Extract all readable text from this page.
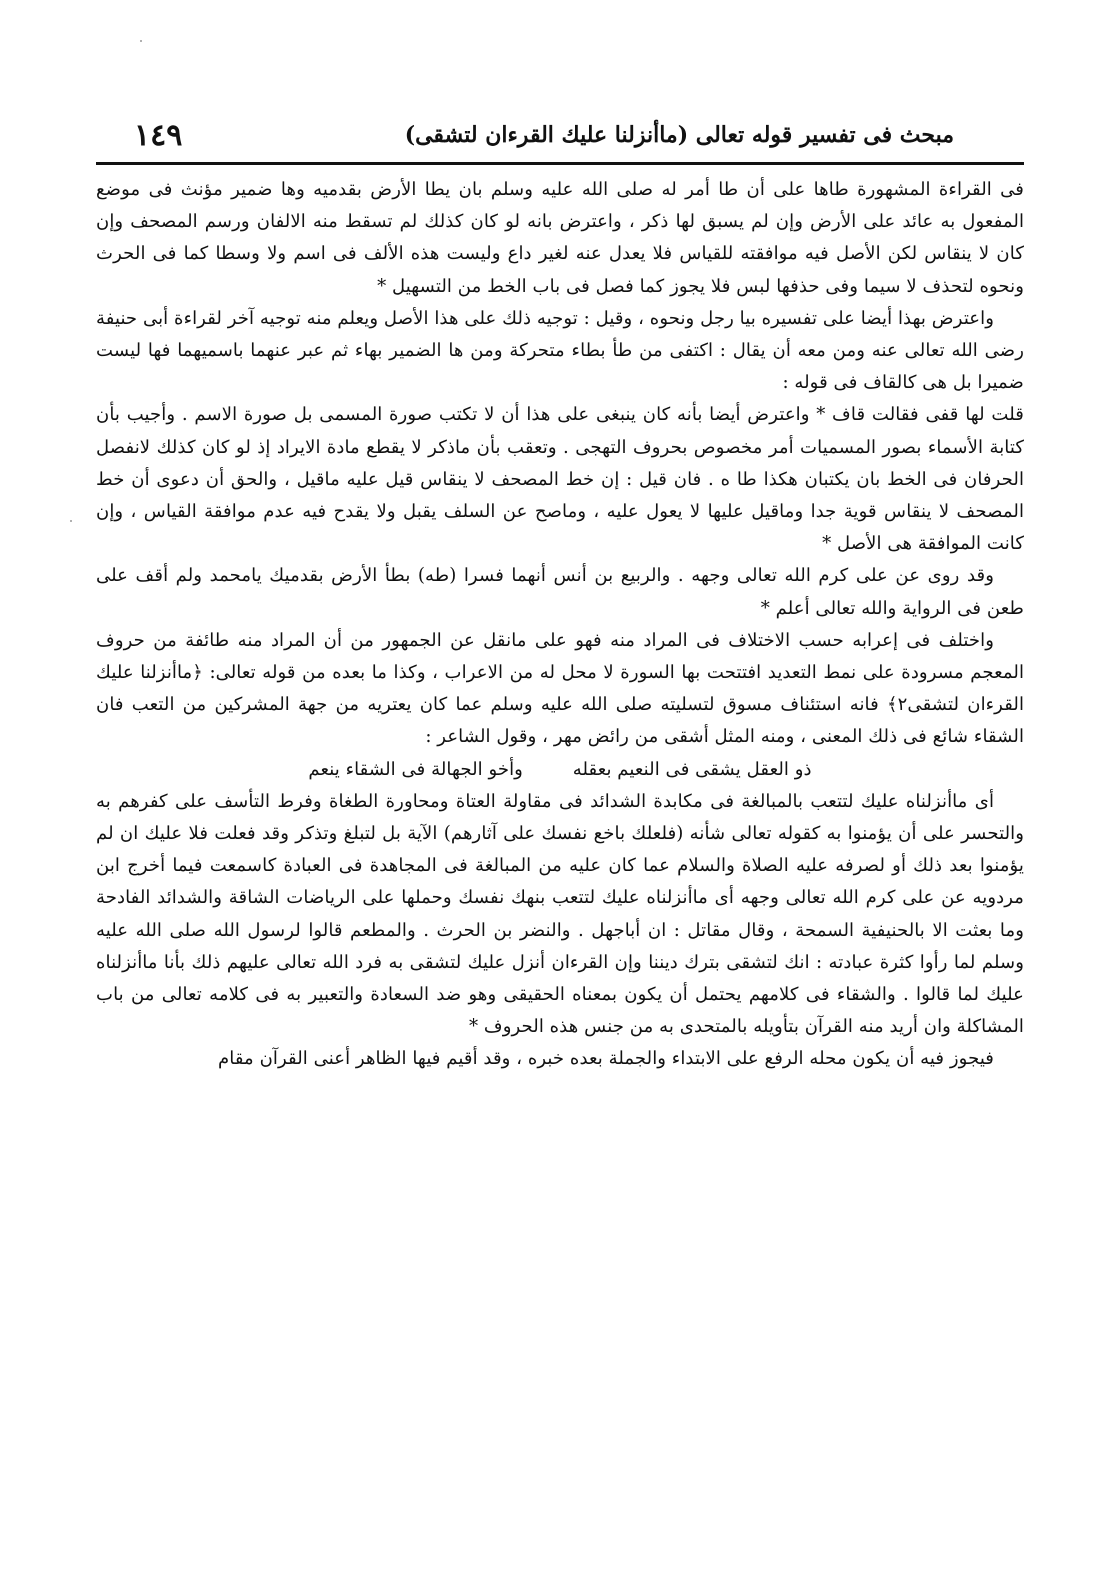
مبحث فى تفسير قوله تعالى (ماأنزلنا عليك القرءان لتشقى)
١٤٩

فى القراءة المشهورة طاها على أن طا أمر له صلى الله عليه وسلم بان يطا الأرض بقدميه وها ضمير مؤنث فى موضع المفعول به عائد على الأرض وإن لم يسبق لها ذكر ، واعترض بانه لو كان كذلك لم تسقط منه الالفان ورسم المصحف وإن كان لا ينقاس لكن الأصل فيه موافقته للقياس فلا يعدل عنه لغير داع وليست هذه الألف فى اسم ولا وسطا كما فى الحرث ونحوه لتحذف لا سيما وفى حذفها لبس فلا يجوز كما فصل فى باب الخط من التسهيل *

واعترض بهذا أيضا على تفسيره بيا رجل ونحوه ، وقيل : توجيه ذلك على هذا الأصل ويعلم منه توجيه آخر لقراءة أبى حنيفة رضى الله تعالى عنه ومن معه أن يقال : اكتفى من طأ بطاء متحركة ومن ها الضمير بهاء ثم عبر عنهما باسميهما فها ليست ضميرا بل هى كالقاف فى قوله :

قلت لها قفى فقالت قاف * واعترض أيضا بأنه كان ينبغى على هذا أن لا تكتب صورة المسمى بل صورة الاسم . وأجيب بأن كتابة الأسماء بصور المسميات أمر مخصوص بحروف التهجى . وتعقب بأن ماذكر لا يقطع مادة الايراد إذ لو كان كذلك لانفصل الحرفان فى الخط بان يكتبان هكذا طا ه . فان قيل : إن خط المصحف لا ينقاس قيل عليه ماقيل ، والحق أن دعوى أن خط المصحف لا ينقاس قوية جدا وماقيل عليها لا يعول عليه ، وماصح عن السلف يقبل ولا يقدح فيه عدم موافقة القياس ، وإن كانت الموافقة هى الأصل *

وقد روى عن على كرم الله تعالى وجهه . والربيع بن أنس أنهما فسرا (طه) بطأ الأرض بقدميك يامحمد ولم أقف على طعن فى الرواية والله تعالى أعلم *

واختلف فى إعرابه حسب الاختلاف فى المراد منه فهو على مانقل عن الجمهور من أن المراد منه طائفة من حروف المعجم مسرودة على نمط التعديد افتتحت بها السورة لا محل له من الاعراب ، وكذا ما بعده من قوله تعالى: ﴿ماأنزلنا عليك القرءان لتشقى٢﴾ فانه استئناف مسوق لتسليته صلى الله عليه وسلم عما كان يعتريه من جهة المشركين من التعب فان الشقاء شائع فى ذلك المعنى ، ومنه المثل أشقى من رائض مهر ، وقول الشاعر :

ذو العقل يشقى فى النعيم بعقله وأخو الجهالة فى الشقاء ينعم

أى ماأنزلناه عليك لتتعب بالمبالغة فى مكابدة الشدائد فى مقاولة العتاة ومحاورة الطغاة وفرط التأسف على كفرهم به والتحسر على أن يؤمنوا به كقوله تعالى شأنه (فلعلك باخع نفسك على آثارهم) الآية بل لتبلغ وتذكر وقد فعلت فلا عليك ان لم يؤمنوا بعد ذلك أو لصرفه عليه الصلاة والسلام عما كان عليه من المبالغة فى المجاهدة فى العبادة كاسمعت فيما أخرج ابن مردويه عن على كرم الله تعالى وجهه أى ماأنزلناه عليك لتتعب بنهك نفسك وحملها على الرياضات الشاقة والشدائد الفادحة وما بعثت الا بالحنيفية السمحة ، وقال مقاتل : ان أباجهل . والنضر بن الحرث . والمطعم قالوا لرسول الله صلى الله عليه وسلم لما رأوا كثرة عبادته : انك لتشقى بترك ديننا وإن القرءان أنزل عليك لتشقى به فرد الله تعالى عليهم ذلك بأنا ماأنزلناه عليك لما قالوا . والشقاء فى كلامهم يحتمل أن يكون بمعناه الحقيقى وهو ضد السعادة والتعبير به فى كلامه تعالى من باب المشاكلة وان أريد منه القرآن بتأويله بالمتحدى به من جنس هذه الحروف *

فيجوز فيه أن يكون محله الرفع على الابتداء والجملة بعده خبره ، وقد أقيم فيها الظاهر أعنى القرآن مقام
